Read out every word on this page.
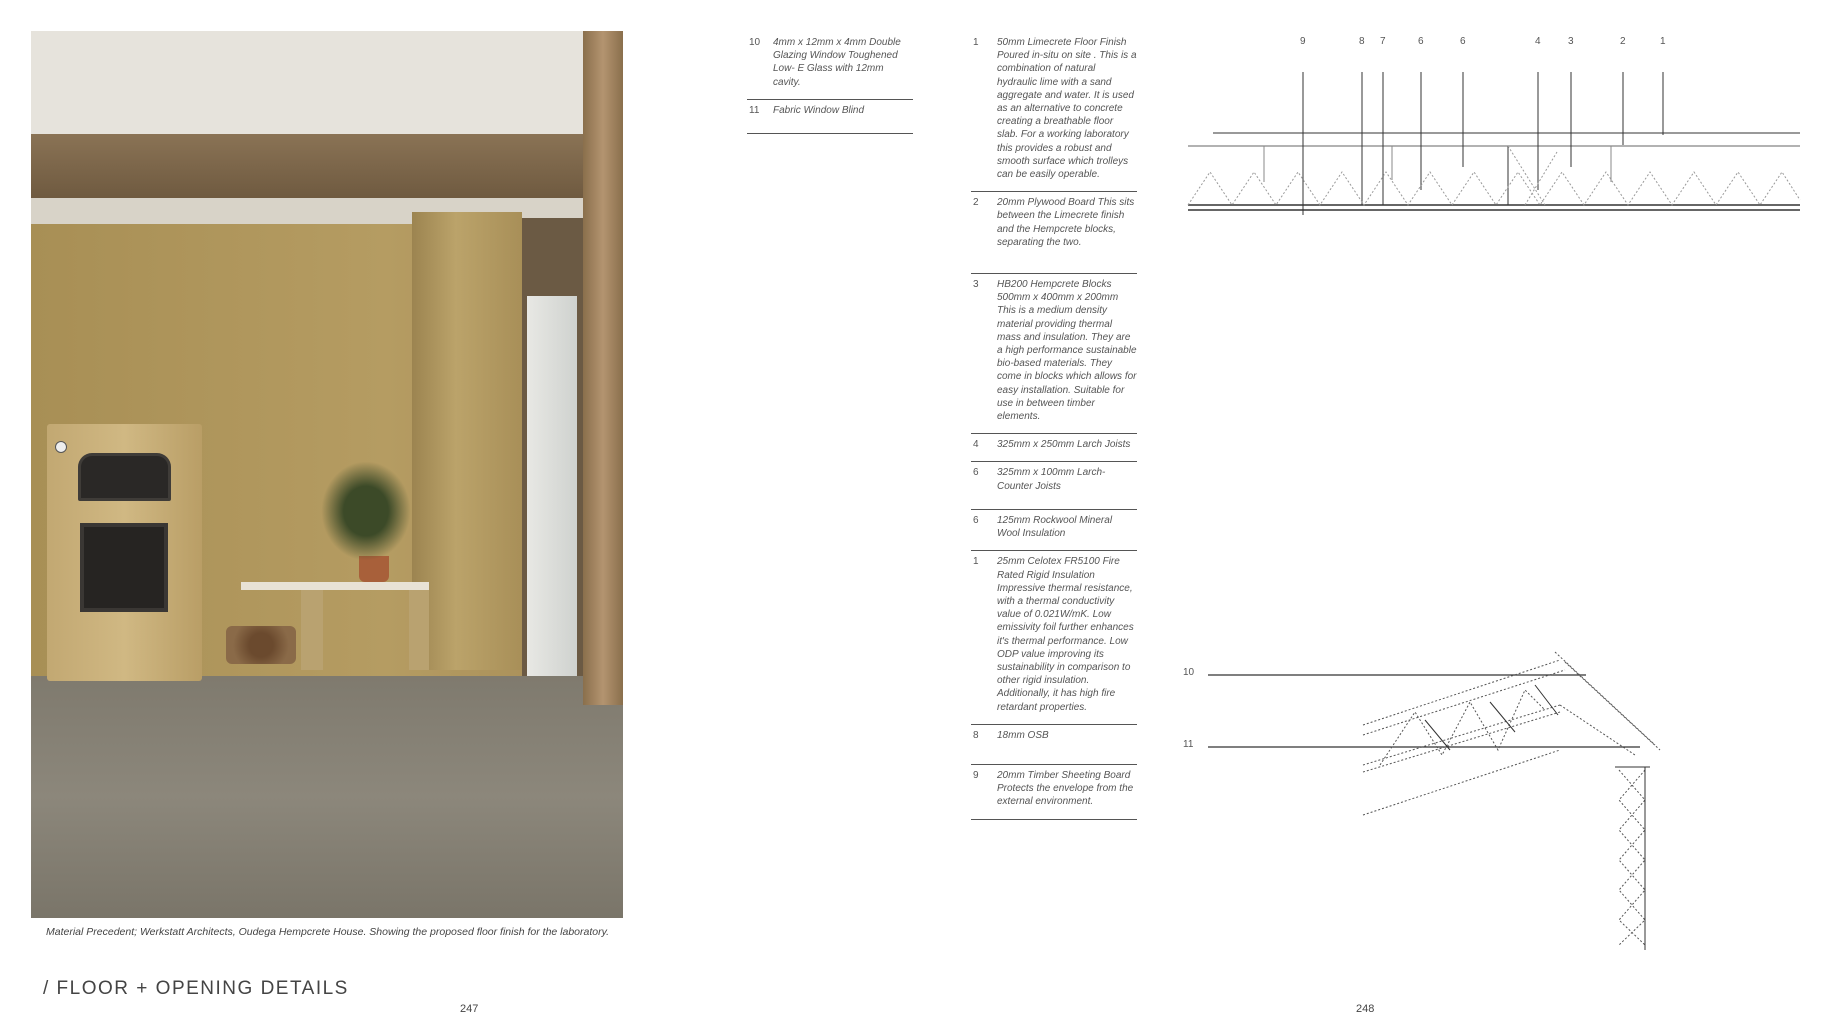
Material Precedent; Werkstatt Architects, Oudega Hempcrete House. Showing the proposed floor finish for the laboratory.
/ FLOOR + OPENING DETAILS
247	248
10	4mm x 12mm x 4mm Double Glazing Window Toughened Low- E Glass with 12mm cavity.
11	Fabric Window Blind
1	50mm Limecrete Floor Finish Poured in-situ on site . This is a combination of natural hydraulic lime with a sand aggregate and water. It is used as an alternative to concrete creating a breathable floor slab. For a working laboratory this provides a robust and smooth surface which trolleys can be easily operable.
2	20mm Plywood Board This sits between the Limecrete finish and the Hempcrete blocks, separating the two.
3	HB200 Hempcrete Blocks 500mm x 400mm x 200mm This is a medium density material providing thermal mass and insulation. They are a high performance sustainable bio-based materials. They come in blocks which allows for easy installation. Suitable for use in between timber elements.
4	325mm x 250mm Larch Joists
6	325mm x 100mm Larch-Counter Joists
6	125mm Rockwool Mineral Wool Insulation
1	25mm Celotex FR5100 Fire Rated Rigid Insulation Impressive thermal resistance, with a thermal conductivity value of 0.021W/mK. Low emissivity foil further enhances it's thermal performance. Low ODP value improving its sustainability in comparison to other rigid insulation. Additionally, it has high fire retardant properties.
8	18mm OSB
9	20mm Timber Sheeting Board Protects the envelope from the external environment.
9	8 7	6	6	4	3	2	1
10
11
